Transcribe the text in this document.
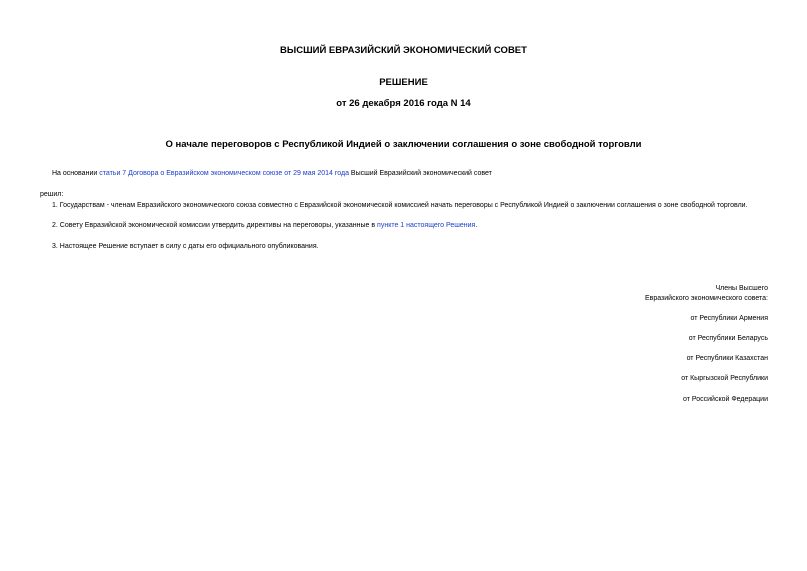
ВЫСШИЙ ЕВРАЗИЙСКИЙ ЭКОНОМИЧЕСКИЙ СОВЕТ
РЕШЕНИЕ
от 26 декабря 2016 года N 14
О начале переговоров с Республикой Индией о заключении соглашения о зоне свободной торговли
На основании статьи 7 Договора о Евразийском экономическом союзе от 29 мая 2014 года Высший Евразийский экономический совет
решил:
1. Государствам - членам Евразийского экономического союза совместно с Евразийской экономической комиссией начать переговоры с Республикой Индией о заключении соглашения о зоне свободной торговли.
2. Совету Евразийской экономической комиссии утвердить директивы на переговоры, указанные в пункте 1 настоящего Решения.
3. Настоящее Решение вступает в силу с даты его официального опубликования.
Члены Высшего
Евразийского экономического совета:
от Республики Армения
от Республики Беларусь
от Республики Казахстан
от Кыргызской Республики
от Российской Федерации
